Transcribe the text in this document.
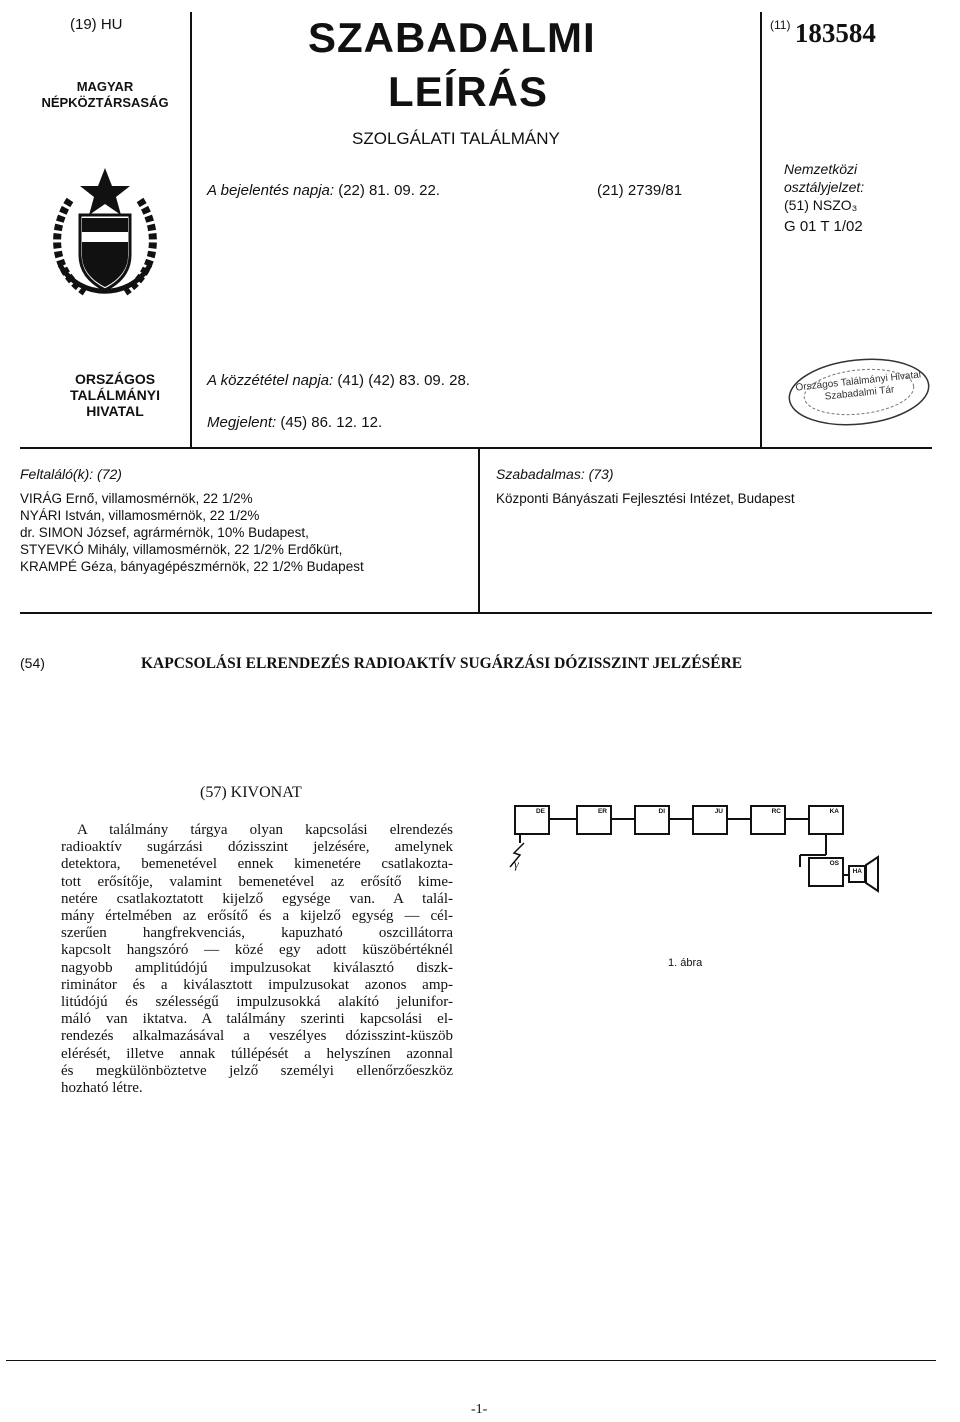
(19) HU
MAGYAR
NÉPKÖZTÁRSASÁG
ORSZÁGOS
TALÁLMÁNYI
HIVATAL
SZABADALMI
LEÍRÁS
SZOLGÁLATI TALÁLMÁNY
A bejelentés napja: (22) 81. 09. 22.	(21) 2739/81
$^{(11)}$ 183584
Nemzetközi
osztályjelzet:
(51) NSZO₃
G 01 T 1/02
A közzététel napja: (41) (42) 83. 09. 28.
Megjelent: (45) 86. 12. 12.
Országos Találmányi Hivatal Szabadalmi Tár
Feltaláló(k): (72)
VIRÁG Ernő, villamosmérnök, 22 1/2%
NYÁRI István, villamosmérnök, 22 1/2%
dr. SIMON József, agrármérnök, 10% Budapest,
STYEVKÓ Mihály, villamosmérnök, 22 1/2% Erdőkürt,
KRAMPÉ Géza, bányagépészmérnök, 22 1/2% Budapest
Szabadalmas: (73)
Központi Bányászati Fejlesztési Intézet, Budapest
(54)	KAPCSOLÁSI ELRENDEZÉS RADIOAKTÍV SUGÁRZÁSI DÓZISSZINT JELZÉSÉRE
(57) KIVONAT
A találmány tárgya olyan kapcsolási elrendezés
radioaktív sugárzási dózisszint jelzésére, amelynek
detektora, bemenetével ennek kimenetére csatlakozta-
tott erősítője, valamint bemenetével az erősítő kime-
netére csatlakoztatott kijelző egysége van. A talál-
mány értelmében az erősítő és a kijelző egység — cél-
szerűen hangfrekvenciás, kapuzható oszcillátorra
kapcsolt hangszóró — közé egy adott küszöbértéknél
nagyobb amplitúdójú impulzusokat kiválasztó diszk-
riminátor és a kiválasztott impulzusokat azonos amp-
litúdójú és szélességű impulzusokká alakító jelunifor-
máló van iktatva. A találmány szerinti kapcsolási el-
rendezés alkalmazásával a veszélyes dózisszint-küszöb
elérését, illetve annak túllépését a helyszínen azonnal
és megkülönböztetve jelző személyi ellenőrzőeszköz
hozható létre.
DE	ER	DI	JU	RC	KA
OS
HA
γ
1. ábra
-1-
